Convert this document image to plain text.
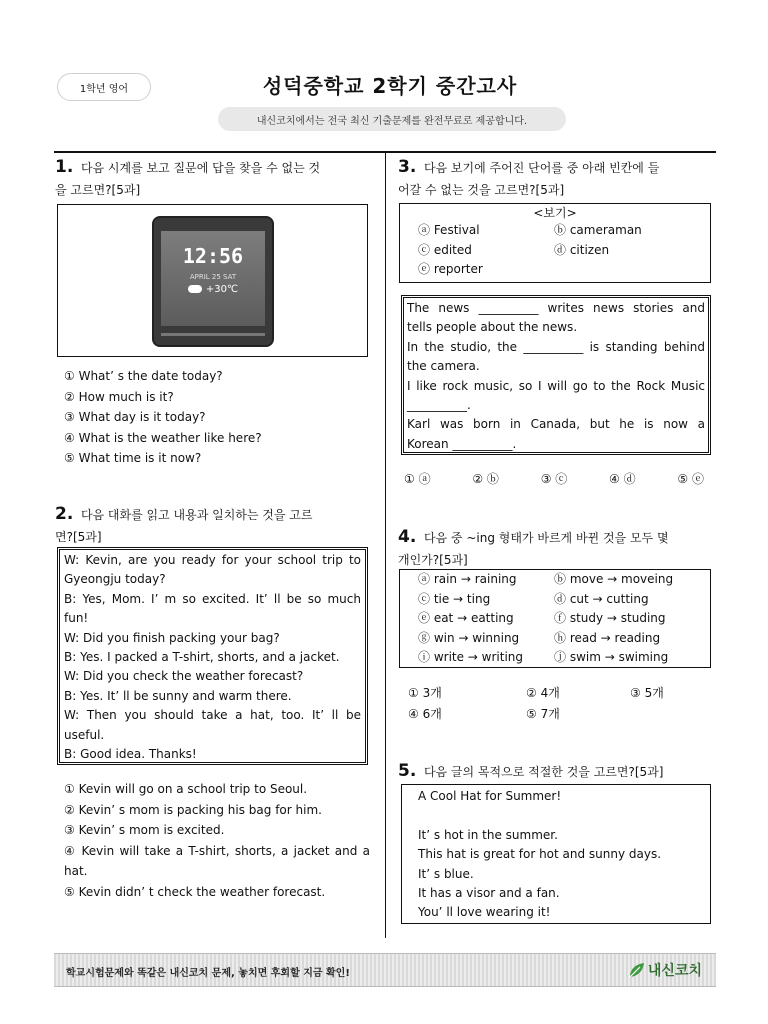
1학년 영어	성덕중학교 2학기 중간고사
내신코치에서는 전국 최신 기출문제를 완전무료로 제공합니다.
1. 다음 시계를 보고 질문에 답을 찾을 수 없는 것
을 고르면?[5과]
12:56
APRIL 25 SAT
+30℃
① What’ s the date today?
② How much is it?
③ What day is it today?
④ What is the weather like here?
⑤ What time is it now?
2. 다음 대화를 읽고 내용과 일치하는 것을 고르
면?[5과]
W: Kevin, are you ready for your school trip to
Gyeongju today?
B: Yes, Mom. I’ m so excited. It’ ll be so much
fun!
W: Did you finish packing your bag?
B: Yes. I packed a T-shirt, shorts, and a jacket.
W: Did you check the weather forecast?
B: Yes. It’ ll be sunny and warm there.
W: Then you should take a hat, too. It’ ll be
useful.
B: Good idea. Thanks!
① Kevin will go on a school trip to Seoul.
② Kevin’ s mom is packing his bag for him.
③ Kevin’ s mom is excited.
④ Kevin will take a T-shirt, shorts, a jacket and a
hat.
⑤ Kevin didn’ t check the weather forecast.
3. 다음 보기에 주어진 단어를 중 아래 빈칸에 들
어갈 수 없는 것을 고르면?[5과]
<보기>
ⓐ Festival	ⓑ cameraman
ⓒ edited	ⓓ citizen
ⓔ reporter
The news __________ writes news stories and
tells people about the news.
In the studio, the __________ is standing behind
the camera.
I like rock music, so I will go to the Rock Music
__________.
Karl was born in Canada, but he is now a
Korean __________.
① ⓐ	② ⓑ	③ ⓒ	④ ⓓ	⑤ ⓔ
4. 다음 중 ~ing 형태가 바르게 바뀐 것을 모두 몇
개인가?[5과]
ⓐ rain → raining	ⓑ move → moveing
ⓒ tie → ting	ⓓ cut → cutting
ⓔ eat → eatting	ⓕ study → studing
ⓖ win → winning	ⓗ read → reading
ⓘ write → writing	ⓙ swim → swiming
① 3개	② 4개	③ 5개
④ 6개	⑤ 7개
5. 다음 글의 목적으로 적절한 것을 고르면?[5과]
A Cool Hat for Summer!

It’ s hot in the summer.
This hat is great for hot and sunny days.
It’ s blue.
It has a visor and a fan.
You’ ll love wearing it!
학교시험문제와 똑같은 내신코치 문제, 놓치면 후회할 지금 확인!	내신코치
